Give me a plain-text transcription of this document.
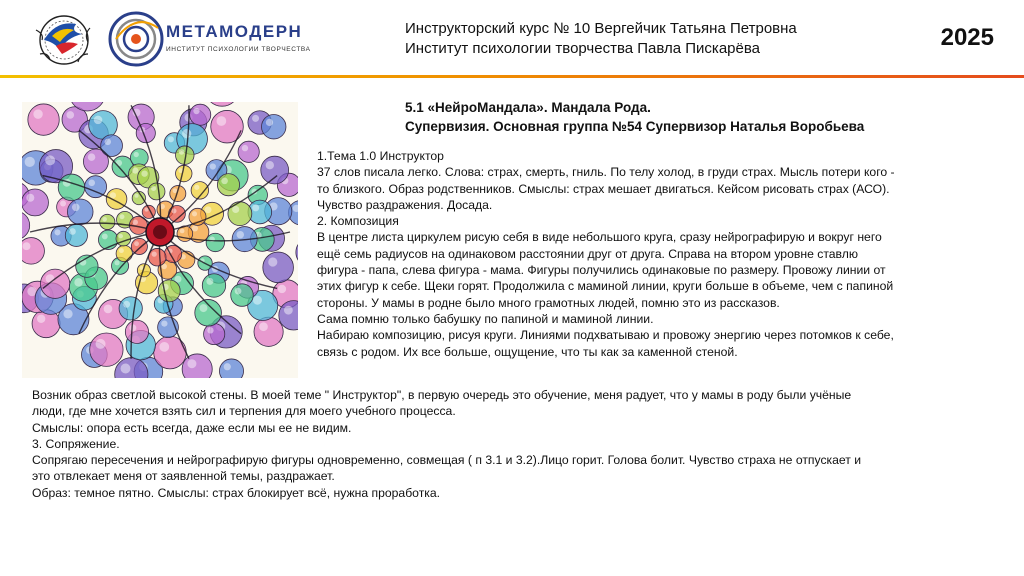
МЕТАМОДЕРН
ИНСТИТУТ ПСИХОЛОГИИ ТВОРЧЕСТВА

Инструкторский курс № 10 Вергейчик Татьяна Петровна

Институт психологии творчества Павла Пискарёва	2025

5.1 «НейроМандала». Мандала Рода.

Супервизия. Основная группа №54 Супервизор Наталья Воробьева

1.Тема 1.0 Инструктор

37 слов писала легко. Слова: страх, смерть, гниль. По телу холод, в груди страх. Мысль потери кого -

то близкого. Образ родственников. Смыслы: страх мешает двигаться. Кейсом рисовать страх (АСО).

Чувство раздражения. Досада.

2. Композиция

В центре листа циркулем рисую себя в виде небольшого круга, сразу нейрографирую и вокруг него

ещё семь радиусов на одинаковом расстоянии друг от друга. Справа на втором уровне ставлю

фигура - папа, слева фигура - мама. Фигуры получились одинаковые по размеру. Провожу линии от

этих фигур к себе. Щеки горят. Продолжила с маминой линии, круги больше в объеме, чем с папиной

стороны. У мамы в родне было много грамотных людей, помню это из рассказов.

Сама помню только бабушку по папиной и маминой линии.

Набираю композицию, рисуя круги. Линиями подхватываю и провожу энергию через потомков к себе,

связь с родом. Их все больше, ощущение, что ты как за каменной стеной.

Возник образ светлой высокой стены. В моей теме " Инструктор", в первую очередь это обучение, меня радует, что у мамы в роду были учёные

люди, где мне хочется взять сил и терпения для моего учебного процесса.

Смыслы: опора есть всегда, даже если мы ее не видим.

3. Сопряжение.

Сопрягаю пересечения и нейрографирую фигуры одновременно, совмещая ( п 3.1 и 3.2).Лицо горит. Голова болит. Чувство страха не отпускает и

это отвлекает меня от заявленной темы, раздражает.

Образ: темное пятно. Смыслы: страх блокирует всё, нужна проработка.
